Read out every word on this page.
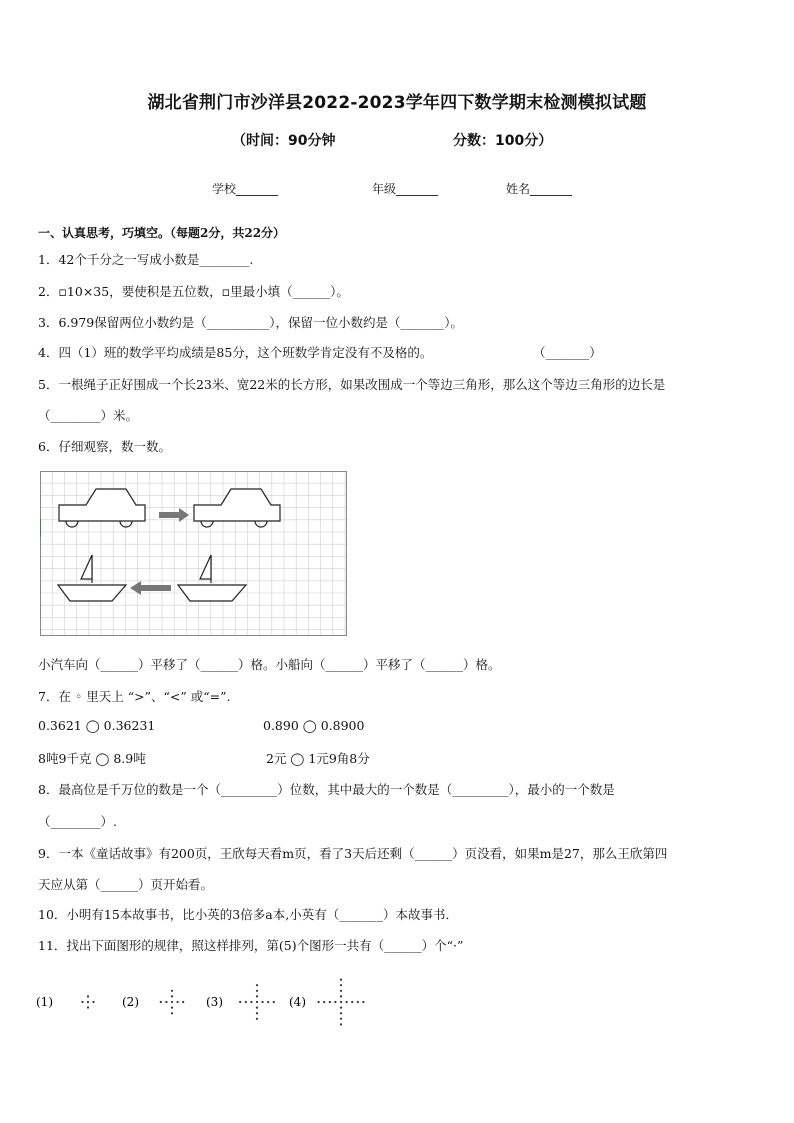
湖北省荆门市沙洋县2022-2023学年四下数学期末检测模拟试题
（时间：90分钟	分数：100分）
学校_______	年级_______	姓名_______
一、认真思考，巧填空。（每题2分，共22分）
1．42个千分之一写成小数是________.
2．▫10×35，要使积是五位数，▫里最小填（______）。
3．6.979保留两位小数约是（__________），保留一位小数约是（_______）。
4．四（1）班的数学平均成绩是85分，这个班数学肯定没有不及格的。	（_______）
5．一根绳子正好围成一个长23米、宽22米的长方形，如果改围成一个等边三角形，那么这个等边三角形的边长是
（________）米。
6．仔细观察，数一数。
小汽车向（______）平移了（______）格。小船向（______）平移了（______）格。
7．在 ◦ 里天上 “>”、“<” 或“=”.
0.3621 ◯ 0.36231	0.890 ◯ 0.8900
8吨9千克 ◯ 8.9吨	2元 ◯ 1元9角8分
8．最高位是千万位的数是一个（_________）位数，其中最大的一个数是（_________），最小的一个数是
（________）.
9．一本《童话故事》有200页，王欣每天看m页，看了3天后还剩（______）页没看，如果m是27，那么王欣第四
天应从第（______）页开始看。
10．小明有15本故事书，比小英的3倍多a本,小英有（_______）本故事书．
11．找出下面图形的规律，照这样排列，第(5)个图形一共有（______）个“·”
(1)	(2)	(3)	(4)
